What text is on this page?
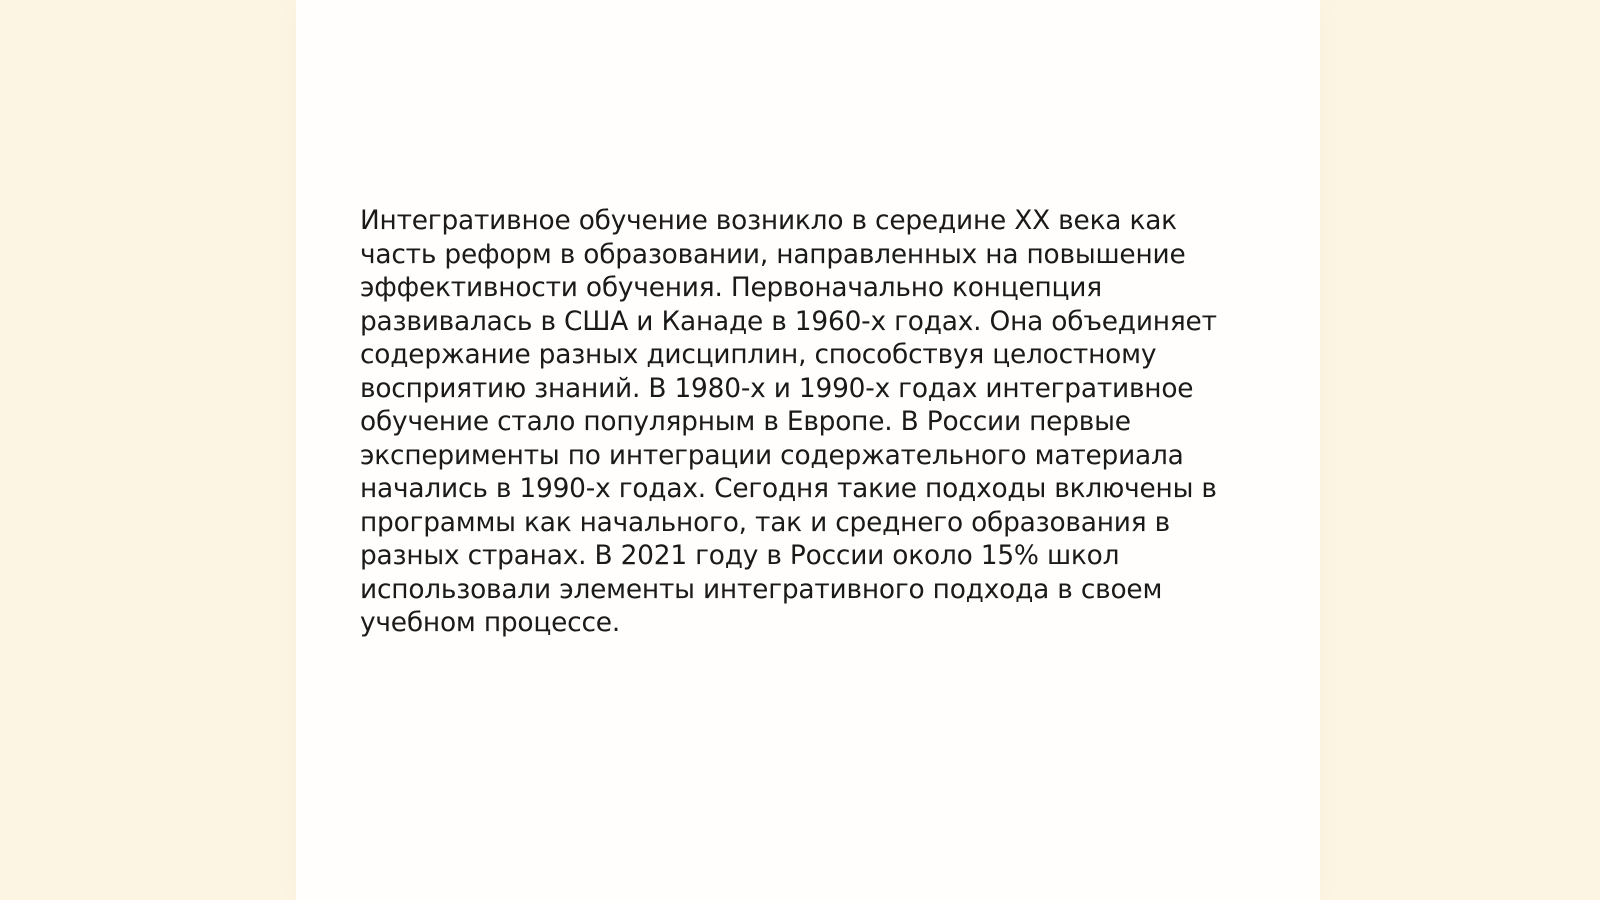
Интегративное обучение возникло в середине XX века как
часть реформ в образовании, направленных на повышение
эффективности обучения. Первоначально концепция
развивалась в США и Канаде в 1960-х годах. Она объединяет
содержание разных дисциплин, способствуя целостному
восприятию знаний. В 1980-х и 1990-х годах интегративное
обучение стало популярным в Европе. В России первые
эксперименты по интеграции содержательного материала
начались в 1990-х годах. Сегодня такие подходы включены в
программы как начального, так и среднего образования в
разных странах. В 2021 году в России около 15% школ
использовали элементы интегративного подхода в своем
учебном процессе.
